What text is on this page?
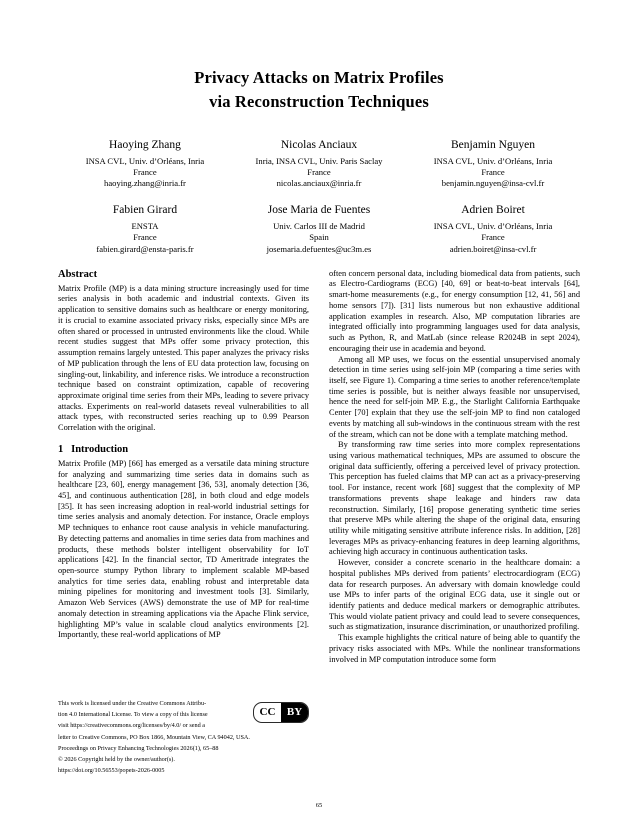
Privacy Attacks on Matrix Profiles
via Reconstruction Techniques
Haoying Zhang
INSA CVL, Univ. d’Orléans, Inria
France
haoying.zhang@inria.fr
Nicolas Anciaux
Inria, INSA CVL, Univ. Paris Saclay
France
nicolas.anciaux@inria.fr
Benjamin Nguyen
INSA CVL, Univ. d’Orléans, Inria
France
benjamin.nguyen@insa-cvl.fr
Fabien Girard
ENSTA
France
fabien.girard@ensta-paris.fr
Jose Maria de Fuentes
Univ. Carlos III de Madrid
Spain
josemaria.defuentes@uc3m.es
Adrien Boiret
INSA CVL, Univ. d’Orléans, Inria
France
adrien.boiret@insa-cvl.fr
Abstract

Matrix Profile (MP) is a data mining structure increasingly used for time series analysis in both academic and industrial contexts. Given its application to sensitive domains such as healthcare or energy monitoring, it is crucial to examine associated privacy risks, especially since MPs are often shared or processed in untrusted environments like the cloud. While recent studies suggest that MPs offer some privacy protection, this assumption remains largely untested. This paper analyzes the privacy risks of MP publication through the lens of EU data protection law, focusing on singling-out, linkability, and inference risks. We introduce a reconstruction technique based on constraint optimization, capable of recovering approximate original time series from their MPs, leading to severe privacy attacks. Experiments on real-world datasets reveal vulnerabilities to all attack types, with reconstructed series reaching up to 0.99 Pearson Correlation with the original.

1 Introduction

Matrix Profile (MP) [66] has emerged as a versatile data mining structure for analyzing and summarizing time series data in domains such as healthcare [23, 60], energy management [36, 53], anomaly detection [36, 45], and continuous authentication [28], in both cloud and edge models [35]. It has seen increasing adoption in real-world industrial settings for time series analysis and anomaly detection. For instance, Oracle employs MP techniques to enhance root cause analysis in vehicle manufacturing. By detecting patterns and anomalies in time series data from machines and products, these methods bolster intelligent observability for IoT applications [42]. In the financial sector, TD Ameritrade integrates the open-source stumpy Python library to implement scalable MP-based analytics for time series data, enabling robust and interpretable data mining pipelines for monitoring and investment tools [3]. Similarly, Amazon Web Services (AWS) demonstrate the use of MP for real-time anomaly detection in streaming applications via the Apache Flink service, highlighting MP’s value in scalable cloud analytics environments [2]. Importantly, these real-world applications of MP

often concern personal data, including biomedical data from patients, such as Electro-Cardiograms (ECG) [40, 69] or beat-to-beat intervals [64], smart-home measurements (e.g., for energy consumption [12, 41, 56] and home sensors [7]). [31] lists numerous but non exhaustive additional application examples in research. Also, MP computation libraries are integrated officially into programming languages used for data analysis, such as Python, R, and MatLab (since release R2024B in sept 2024), encouraging their use in academia and beyond.

Among all MP uses, we focus on the essential unsupervised anomaly detection in time series using self-join MP (comparing a time series with itself, see Figure 1). Comparing a time series to another reference/template time series is possible, but is neither always feasible nor unsupervised, hence the need for self-join MP. E.g., the Starlight California Earthquake Center [70] explain that they use the self-join MP to find non cataloged events by matching all sub-windows in the continuous stream with the rest of the stream, which can not be done with a template matching method.

By transforming raw time series into more complex representations using various mathematical techniques, MPs are assumed to obscure the original data sufficiently, offering a perceived level of privacy protection. This perception has fueled claims that MP can act as a privacy-preserving tool. For instance, recent work [68] suggest that the complexity of MP transformations prevents shape leakage and hinders raw data reconstruction. Similarly, [16] propose generating synthetic time series that preserve MPs while altering the shape of the original data, ensuring utility while mitigating sensitive attribute inference risks. In addition, [28] leverages MPs as privacy-enhancing features in deep learning algorithms, achieving high accuracy in continuous authentication tasks.

However, consider a concrete scenario in the healthcare domain: a hospital publishes MPs derived from patients’ electrocardiogram (ECG) data for research purposes. An adversary with domain knowledge could use MPs to infer parts of the original ECG data, use it single out or identify patients and deduce medical markers or demographic attributes. This would violate patient privacy and could lead to severe consequences, such as stigmatization, insurance discrimination, or unauthorized profiling.

This example highlights the critical nature of being able to quantify the privacy risks associated with MPs. While the nonlinear transformations involved in MP computation introduce some form

CC	BY
This work is licensed under the Creative Commons Attribu-
tion 4.0 International License. To view a copy of this license
visit https://creativecommons.org/licenses/by/4.0/ or send a
letter to Creative Commons, PO Box 1866, Mountain View, CA 94042, USA.
Proceedings on Privacy Enhancing Technologies 2026(1), 65–88
© 2026 Copyright held by the owner/author(s).
https://doi.org/10.56553/popets-2026-0005
65
